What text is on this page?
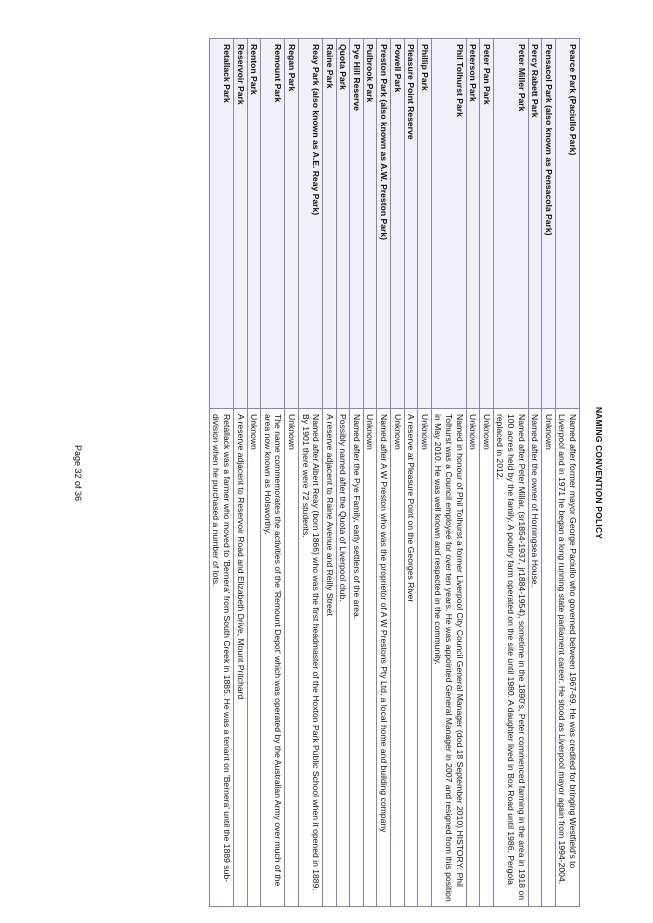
NAMING CONVENTION POLICY
Pearce Park (Paciullo Park)	Named after former mayor George Paciullo who governed between 1967-69. He was credited for bringing Westfield's to Liverpool and in 1971 he began a long running state parliament career. He stood as Liverpool mayor again from 1994-2004.
Pensacol Park (also known as Pensacola Park)	Unknown
Percy Rabett Park	Named after the owner of Horningsea House.
Peter Miller Park	Named after Peter Millar, (sr1854-1937, jr1884-1954), sometime in the 1890's, Peter commenced farming in the area in 1918 on 100 acres held by the family. A poultry farm operated on the site until 1980. A daughter lived in Box Road until 1986. Pergola replaced in 2012.
Peter Pan Park	Unknown
Peterson Park	Unknown
Phil Tolhurst Park	Named in honour of Phil Tolhurst a former Liverpool City Council General Manager (dod 18 September 2010) HISTORY: Phil Tolhurst was a Council employee for over ten years. He was appointed General Manager in 2007 and resigned from this position in May 2010. He was well known and respected in the community.
Phillip Park	Unknown
Pleasure Point Reserve	A reserve at Pleasure Point on the Georges River
Powell Park	Unknown
Preston Park (also known as A.W. Preston Park)	Named after A W Preston who was the proprietor of A W Prestons Pty Ltd, a local home and building company
Pulbrook Park	Unknown
Pye Hill Reserve	Named after the Pye Family, early settlers of the area.
Quota Park	Possibly named after the Quota of Liverpool club.
Raine Park	A reserve adjacent to Raine Avenue and Reilly Street
Reay Park (also known as A.E. Reay Park)	Named after Albert Reay (born 1866) who was the first headmaster of the Hoxton Park Public School when it opened in 1889. By 1901 there were 72 students.
Regan Park	Unknown
Remount Park	The name commemorates the activities of the 'Remount Depot' which was operated by the Australian Army over much of the area now known as Holsworthy.
Renton Park	Unknown
Reservoir Park	A reserve adjacent to Reservoir Road and Elizabeth Drive, Mount Pritchard
Retallack Park	Retallack was a farmer who moved to 'Bernera' from South Creek in 1885. He was a tenant on 'Bernera' until the 1889 sub-division when he purchased a number of lots.
Page 32 of 36
